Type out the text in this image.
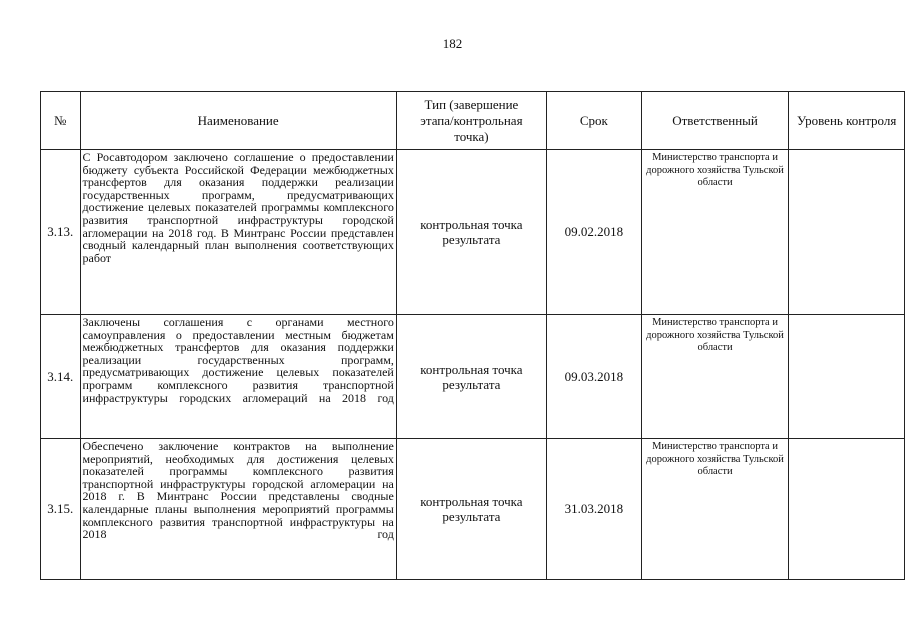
182
№	Наименование	Тип (завершение этапа/контрольная точка)	Срок	Ответственный	Уровень контроля
3.13.	С Росавтодором заключено соглашение о предоставлении бюджету субъекта Российской Федерации межбюджетных трансфертов для оказания поддержки реализации государственных программ, предусматривающих достижение целевых показателей программы комплексного развития транспортной инфраструктуры городской агломерации на 2018 год. В Минтранс России представлен сводный календарный план выполнения соответствующих работ	контрольная точка результата	09.02.2018	Министерство транспорта и дорожного хозяйства Тульской области	
3.14.	Заключены соглашения с органами местного самоуправления о предоставлении местным бюджетам межбюджетных трансфертов для оказания поддержки реализации государственных программ, предусматривающих достижение целевых показателей программ комплексного развития транспортной инфраструктуры городских агломераций на 2018 год	контрольная точка результата	09.03.2018	Министерство транспорта и дорожного хозяйства Тульской области	
3.15.	Обеспечено заключение контрактов на выполнение мероприятий, необходимых для достижения целевых показателей программы комплексного развития транспортной инфраструктуры городской агломерации на 2018 г. В Минтранс России представлены сводные календарные планы выполнения мероприятий программы комплексного развития транспортной инфраструктуры на 2018 год	контрольная точка результата	31.03.2018	Министерство транспорта и дорожного хозяйства Тульской области	
